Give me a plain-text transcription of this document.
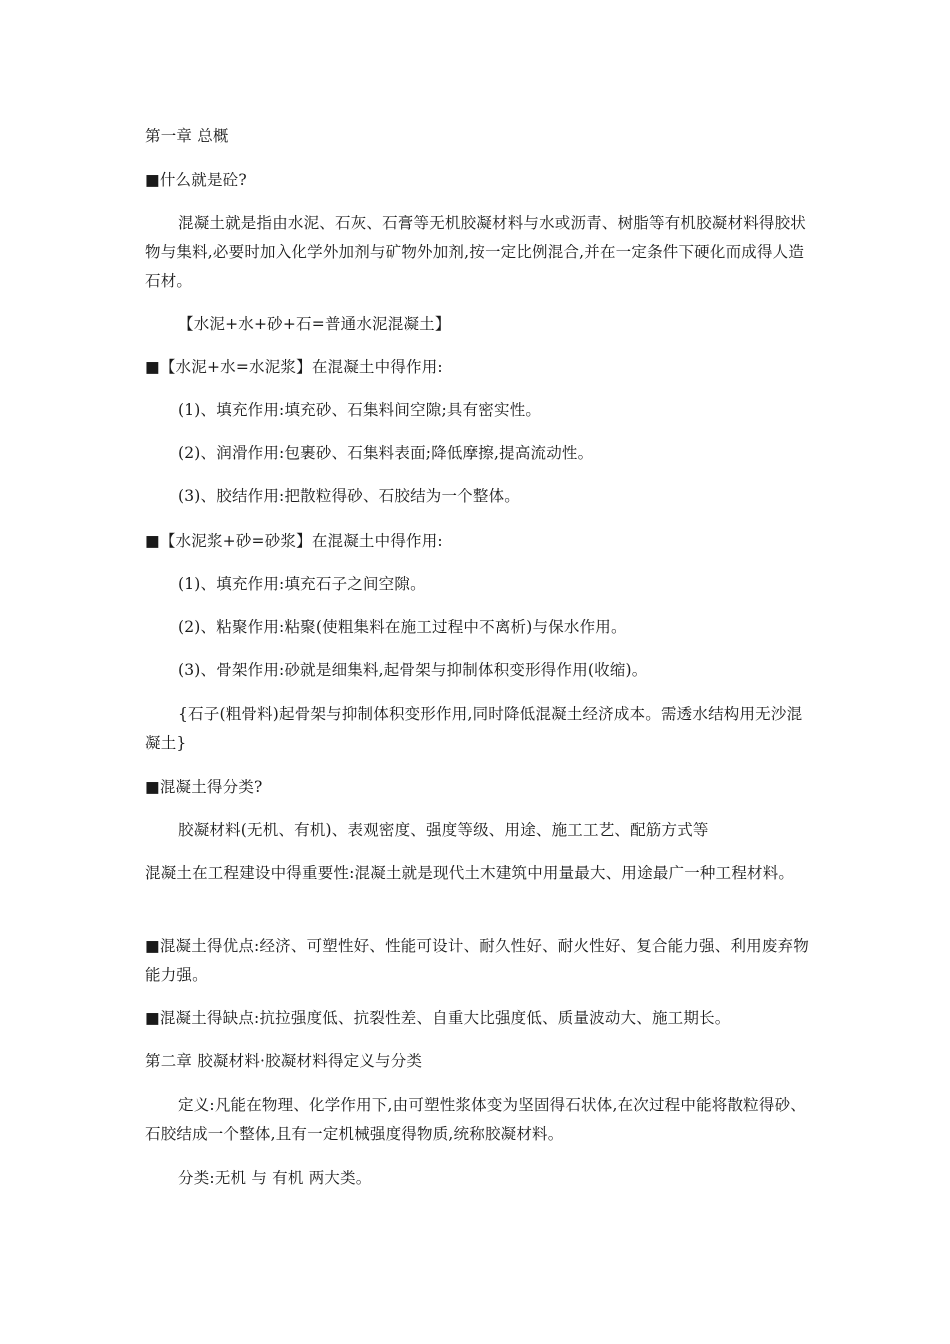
第一章 总概
■什么就是砼?
混凝土就是指由水泥、石灰、石膏等无机胶凝材料与水或沥青、树脂等有机胶凝材料得胶状物与集料,必要时加入化学外加剂与矿物外加剂,按一定比例混合,并在一定条件下硬化而成得人造石材。
【水泥+水+砂+石=普通水泥混凝土】
■【水泥+水=水泥浆】在混凝土中得作用:
(1)、填充作用:填充砂、石集料间空隙;具有密实性。
(2)、润滑作用:包裹砂、石集料表面;降低摩擦,提高流动性。
(3)、胶结作用:把散粒得砂、石胶结为一个整体。
■【水泥浆+砂=砂浆】在混凝土中得作用:
(1)、填充作用:填充石子之间空隙。
(2)、粘聚作用:粘聚(使粗集料在施工过程中不离析)与保水作用。
(3)、骨架作用:砂就是细集料,起骨架与抑制体积变形得作用(收缩)。
{石子(粗骨料)起骨架与抑制体积变形作用,同时降低混凝土经济成本。需透水结构用无沙混凝土}
■混凝土得分类?
胶凝材料(无机、有机)、表观密度、强度等级、用途、施工工艺、配筋方式等
混凝土在工程建设中得重要性:混凝土就是现代土木建筑中用量最大、用途最广一种工程材料。
■混凝土得优点:经济、可塑性好、性能可设计、耐久性好、耐火性好、复合能力强、利用废弃物能力强。
■混凝土得缺点:抗拉强度低、抗裂性差、自重大比强度低、质量波动大、施工期长。
第二章 胶凝材料·胶凝材料得定义与分类
定义:凡能在物理、化学作用下,由可塑性浆体变为坚固得石状体,在次过程中能将散粒得砂、石胶结成一个整体,且有一定机械强度得物质,统称胶凝材料。
分类:无机 与 有机 两大类。
